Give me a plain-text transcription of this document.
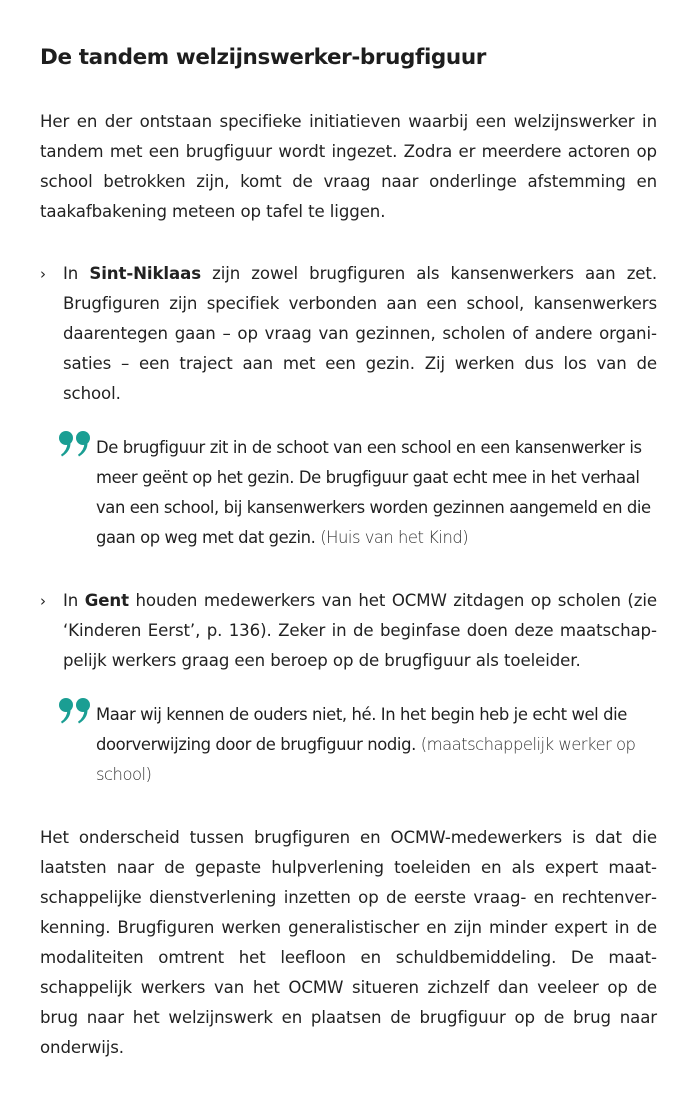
De tandem welzijnswerker-brugfiguur

Her en der ontstaan specifieke initiatieven waarbij een welzijnswerker in tandem met een brugfiguur wordt ingezet. Zodra er meerdere actoren op school betrokken zijn, komt de vraag naar onderlinge afstemming en taakafbakening meteen op tafel te liggen.

› In Sint-Niklaas zijn zowel brugfiguren als kansenwerkers aan zet. Brugfiguren zijn specifiek verbonden aan een school, kansenwerkers daarentegen gaan – op vraag van gezinnen, scholen of andere organisaties – een traject aan met een gezin. Zij werken dus los van de school.

De brugfiguur zit in de schoot van een school en een kansenwerker is meer geënt op het gezin. De brugfiguur gaat echt mee in het verhaal van een school, bij kansenwerkers worden gezinnen aangemeld en die gaan op weg met dat gezin. (Huis van het Kind)

› In Gent houden medewerkers van het OCMW zitdagen op scholen (zie ‘Kinderen Eerst’, p. 136). Zeker in de beginfase doen deze maatschappelijk werkers graag een beroep op de brugfiguur als toeleider.

Maar wij kennen de ouders niet, hé. In het begin heb je echt wel die doorverwijzing door de brugfiguur nodig. (maatschappelijk werker op school)

Het onderscheid tussen brugfiguren en OCMW-medewerkers is dat die laatsten naar de gepaste hulpverlening toeleiden en als expert maatschappelijke dienstverlening inzetten op de eerste vraag- en rechtenverkenning. Brugfiguren werken generalistischer en zijn minder expert in de modaliteiten omtrent het leefloon en schuldbemiddeling. De maatschappelijk werkers van het OCMW situeren zichzelf dan veeleer op de brug naar het welzijnswerk en plaatsen de brugfiguur op de brug naar onderwijs.
